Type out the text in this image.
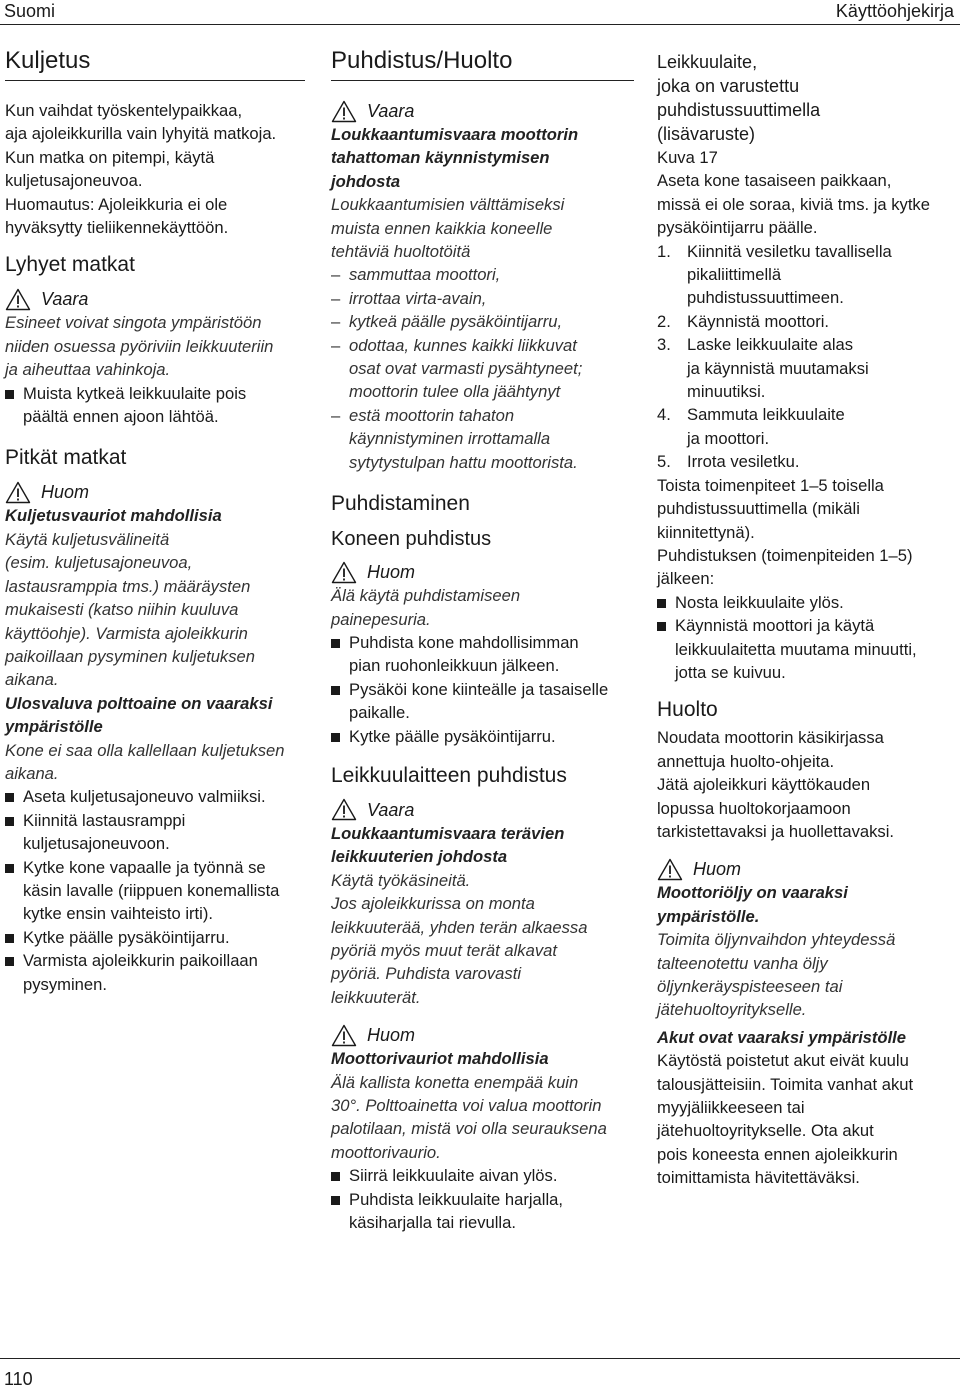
Suomi	Käyttöohjekirja
Kuljetus

Kun vaihdat työskentelypaikkaa,
aja ajoleikkurilla vain lyhyitä matkoja.
Kun matka on pitempi, käytä
kuljetusajoneuvoa.
Huomautus: Ajoleikkuria ei ole
hyväksytty tieliikennekäyttöön.

Lyhyet matkat
Vaara

Esineet voivat singota ympäristöön
niiden osuessa pyöriviin leikkuuteriin
ja aiheuttaa vahinkoja.

Muista kytkeä leikkuulaite pois
päältä ennen ajoon lähtöä.
Pitkät matkat
Huom

Kuljetusvauriot mahdollisia

Käytä kuljetusvälineitä
(esim. kuljetusajoneuvoa,
lastausramppia tms.) määräysten
mukaisesti (katso niihin kuuluva
käyttöohje). Varmista ajoleikkurin
paikoillaan pysyminen kuljetuksen
aikana.

Ulosvaluva polttoaine on vaaraksi
ympäristölle

Kone ei saa olla kallellaan kuljetuksen
aikana.

Aseta kuljetusajoneuvo valmiiksi.
Kiinnitä lastausramppi
kuljetusajoneuvoon.
Kytke kone vapaalle ja työnnä se
käsin lavalle (riippuen konemallista
kytke ensin vaihteisto irti).
Kytke päälle pysäköintijarru.
Varmista ajoleikkurin paikoillaan
pysyminen.
Puhdistus/Huolto
Vaara

Loukkaantumisvaara moottorin
tahattoman käynnistymisen
johdosta

Loukkaantumisien välttämiseksi
muista ennen kaikkia koneelle
tehtäviä huoltotöitä

– sammuttaa moottori,
– irrottaa virta-avain,
– kytkeä päälle pysäköintijarru,
– odottaa, kunnes kaikki liikkuvat
osat ovat varmasti pysähtyneet;
moottorin tulee olla jäähtynyt
– estä moottorin tahaton
käynnistyminen irrottamalla
sytytystulpan hattu moottorista.
Puhdistaminen
Koneen puhdistus
Huom

Älä käytä puhdistamiseen
painepesuria.

Puhdista kone mahdollisimman
pian ruohonleikkuun jälkeen.
Pysäköi kone kiinteälle ja tasaiselle
paikalle.
Kytke päälle pysäköintijarru.
Leikkuulaitteen puhdistus
Vaara

Loukkaantumisvaara terävien
leikkuuterien johdosta

Käytä työkäsineitä.
Jos ajoleikkurissa on monta
leikkuuterää, yhden terän alkaessa
pyöriä myös muut terät alkavat
pyöriä. Puhdista varovasti
leikkuuterät.

Huom

Moottorivauriot mahdollisia

Älä kallista konetta enempää kuin
30°. Polttoainetta voi valua moottorin
palotilaan, mistä voi olla seurauksena
moottorivaurio.

Siirrä leikkuulaite aivan ylös.
Puhdista leikkuulaite harjalla,
käsiharjalla tai rievulla.
Leikkuulaite,
joka on varustettu
puhdistussuuttimella
(lisävaruste)

Kuva 17

Aseta kone tasaiseen paikkaan,
missä ei ole soraa, kiviä tms. ja kytke
pysäköintijarru päälle.

1. Kiinnitä vesiletku tavallisella
pikaliittimellä
puhdistussuuttimeen.
2. Käynnistä moottori.
3. Laske leikkuulaite alas
ja käynnistä muutamaksi
minuutiksi.
4. Sammuta leikkuulaite
ja moottori.
5. Irrota vesiletku.

Toista toimenpiteet 1–5 toisella
puhdistussuuttimella (mikäli
kiinnitettynä).

Puhdistuksen (toimenpiteiden 1–5)
jälkeen:

Nosta leikkuulaite ylös.
Käynnistä moottori ja käytä
leikkuulaitetta muutama minuutti,
jotta se kuivuu.
Huolto

Noudata moottorin käsikirjassa
annettuja huolto-ohjeita.
Jätä ajoleikkuri käyttökauden
lopussa huoltokorjaamoon
tarkistettavaksi ja huollettavaksi.

Huom

Moottoriöljy on vaaraksi
ympäristölle.

Toimita öljynvaihdon yhteydessä
talteenotettu vanha öljy
öljynkeräyspisteeseen tai
jätehuoltoyritykselle.

Akut ovat vaaraksi ympäristölle

Käytöstä poistetut akut eivät kuulu
talousjätteisiin. Toimita vanhat akut
myyjäliikkeeseen tai
jätehuoltoyritykselle. Ota akut
pois koneesta ennen ajoleikkurin
toimittamista hävitettäväksi.

110
